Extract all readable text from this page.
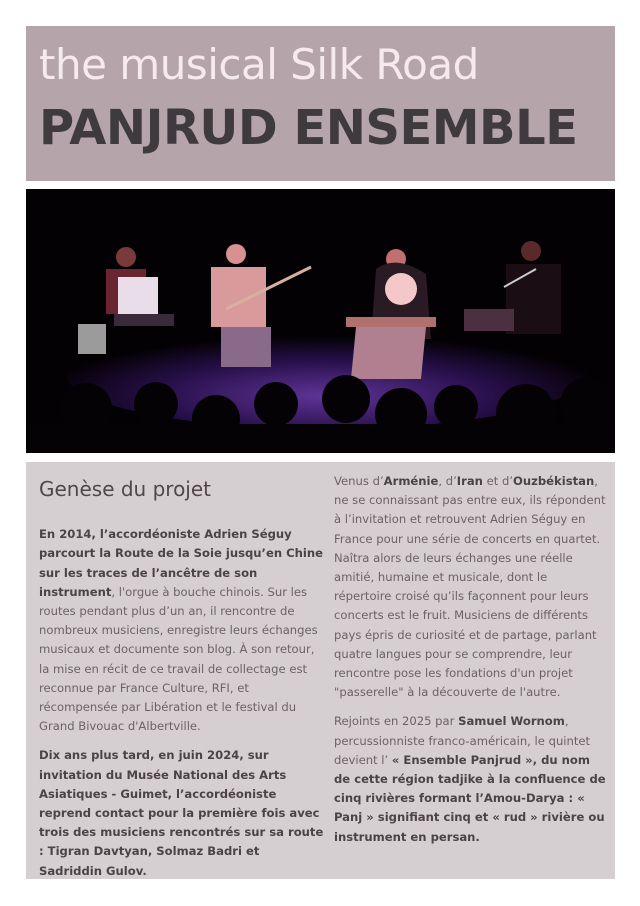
the musical Silk Road
PANJRUD ENSEMBLE
Genèse du projet

En 2014, l’accordéoniste Adrien Séguy parcourt la Route de la Soie jusqu’en Chine sur les traces de l’ancêtre de son instrument, l'orgue à bouche chinois. Sur les routes pendant plus d’un an, il rencontre de nombreux musiciens, enregistre leurs échanges musicaux et documente son blog. À son retour, la mise en récit de ce travail de collectage est reconnue par France Culture, RFI, et récompensée par Libération et le festival du Grand Bivouac d'Albertville.

Dix ans plus tard, en juin 2024, sur invitation du Musée National des Arts Asiatiques - Guimet, l’accordéoniste reprend contact pour la première fois avec trois des musiciens rencontrés sur sa route : Tigran Davtyan, Solmaz Badri et Sadriddin Gulov.

Venus d’Arménie, d’Iran et d’Ouzbékistan, ne se connaissant pas entre eux, ils répondent à l’invitation et retrouvent Adrien Séguy en France pour une série de concerts en quartet. Naîtra alors de leurs échanges une réelle amitié, humaine et musicale, dont le répertoire croisé qu’ils façonnent pour leurs concerts est le fruit. Musiciens de différents pays épris de curiosité et de partage, parlant quatre langues pour se comprendre, leur rencontre pose les fondations d'un projet "passerelle" à la découverte de l'autre.

Rejoints en 2025 par Samuel Wornom, percussionniste franco-américain, le quintet devient l’ « Ensemble Panjrud », du nom de cette région tadjike à la confluence de cinq rivières formant l’Amou-Darya : « Panj » signifiant cinq et « rud » rivière ou instrument en persan.
